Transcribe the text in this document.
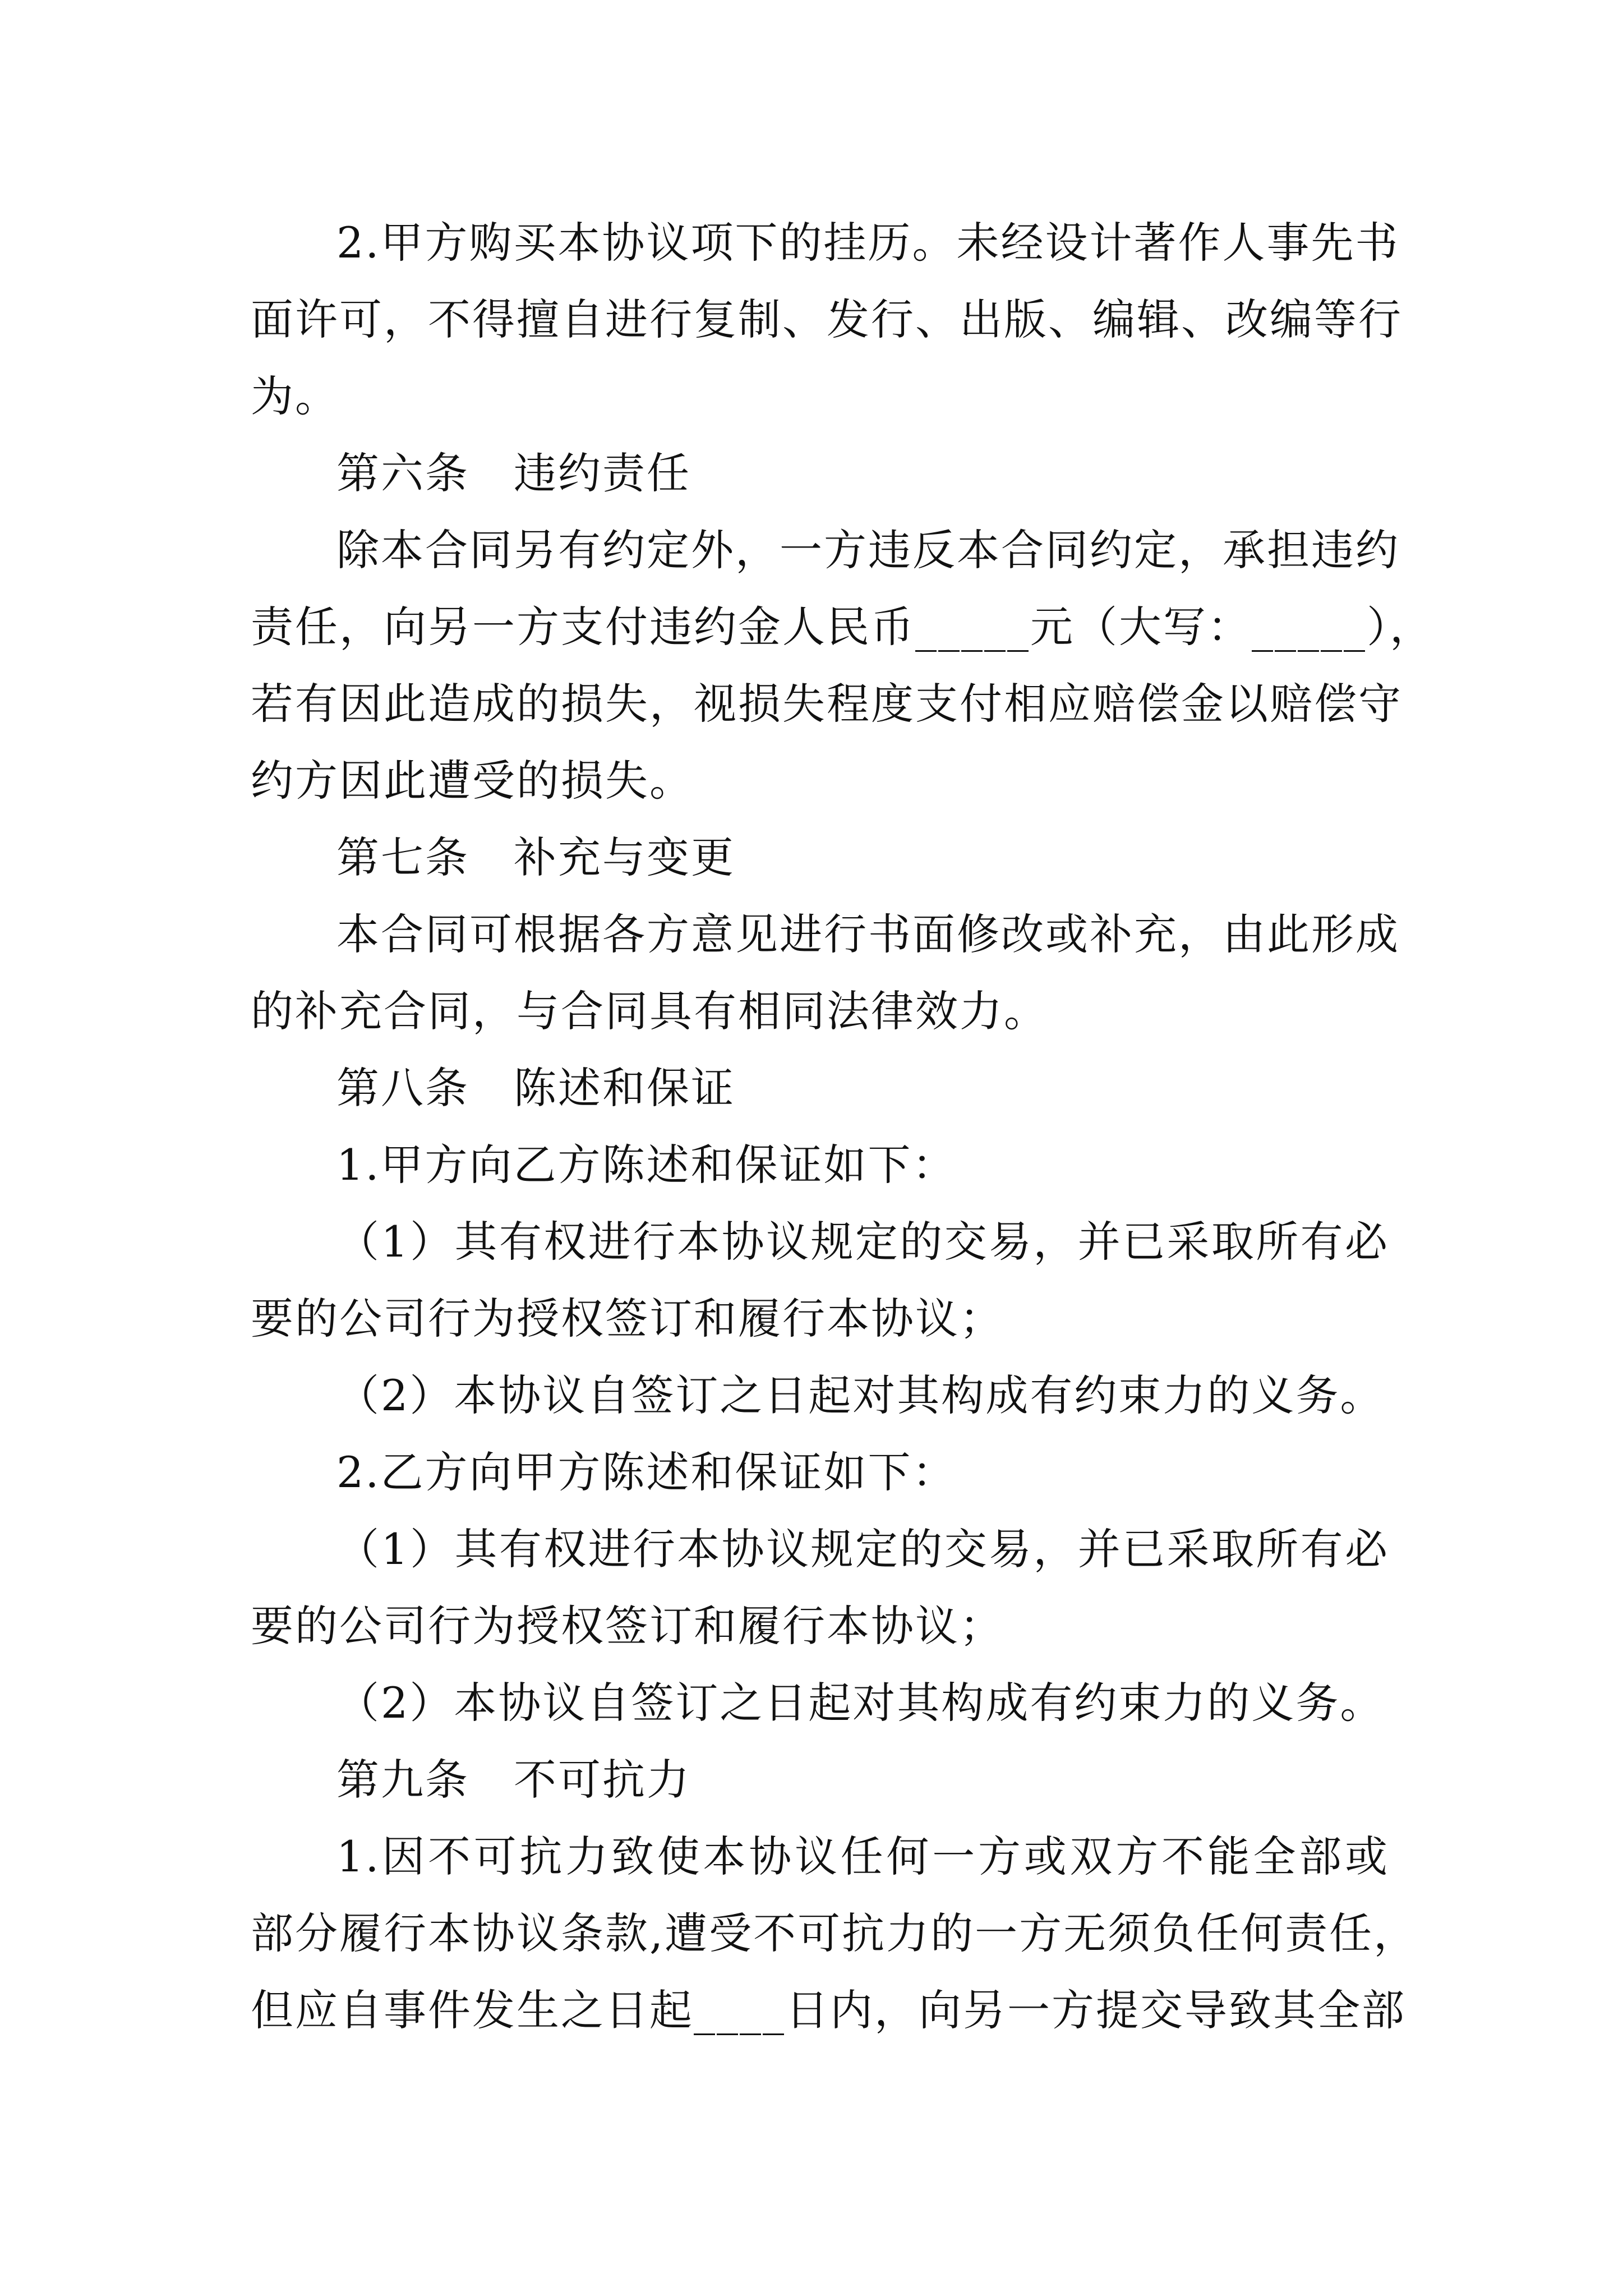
2.甲方购买本协议项下的挂历。未经设计著作人事先书
面许可，不得擅自进行复制、发行、出版、编辑、改编等行
为。
第六条　违约责任
除本合同另有约定外，一方违反本合同约定，承担违约
责任，向另一方支付违约金人民币_____元（大写：_____），
若有因此造成的损失，视损失程度支付相应赔偿金以赔偿守
约方因此遭受的损失。
第七条　补充与变更
本合同可根据各方意见进行书面修改或补充，由此形成
的补充合同，与合同具有相同法律效力。
第八条　陈述和保证
1.甲方向乙方陈述和保证如下：
（1）其有权进行本协议规定的交易，并已采取所有必
要的公司行为授权签订和履行本协议；
（2）本协议自签订之日起对其构成有约束力的义务。
2.乙方向甲方陈述和保证如下：
（1）其有权进行本协议规定的交易，并已采取所有必
要的公司行为授权签订和履行本协议；
（2）本协议自签订之日起对其构成有约束力的义务。
第九条　不可抗力
1.因不可抗力致使本协议任何一方或双方不能全部或
部分履行本协议条款,遭受不可抗力的一方无须负任何责任，
但应自事件发生之日起____日内，向另一方提交导致其全部
